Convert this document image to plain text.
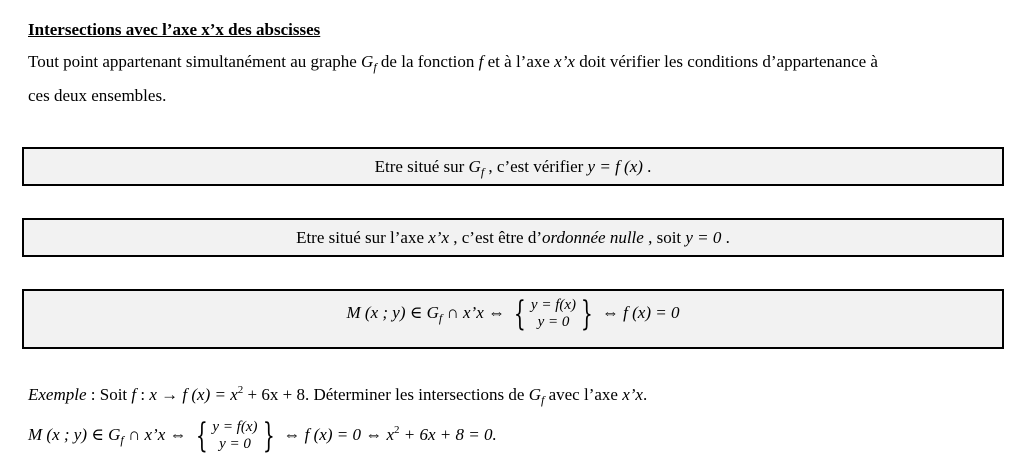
Intersections avec l’axe x’x des abscisses
Tout point appartenant simultanément au graphe $G_f$ de la fonction f et à l’axe x’x doit vérifier les conditions d’appartenance à
ces deux ensembles.
Etre situé sur $G_f$ , c’est vérifier y = f (x) .
Etre situé sur l’axe x’x , c’est être d’ordonnée nulle , soit y = 0 .
M (x ; y) ∈ $G_f$ ∩ x’x ⇔ { y = f(x)
y = 0 } ⇔ f (x) = 0
Exemple : Soit f : x → f $(x) = x^2 + 6x + 8$. Déterminer les intersections de $G_f$ avec l’axe x’x.
M (x ; y) ∈ $G_f$ ∩ x’x ⇔ { y = f(x)
y = 0 } ⇔ f (x) = 0 ⇔ $x^2 + 6x + 8 = 0$.
